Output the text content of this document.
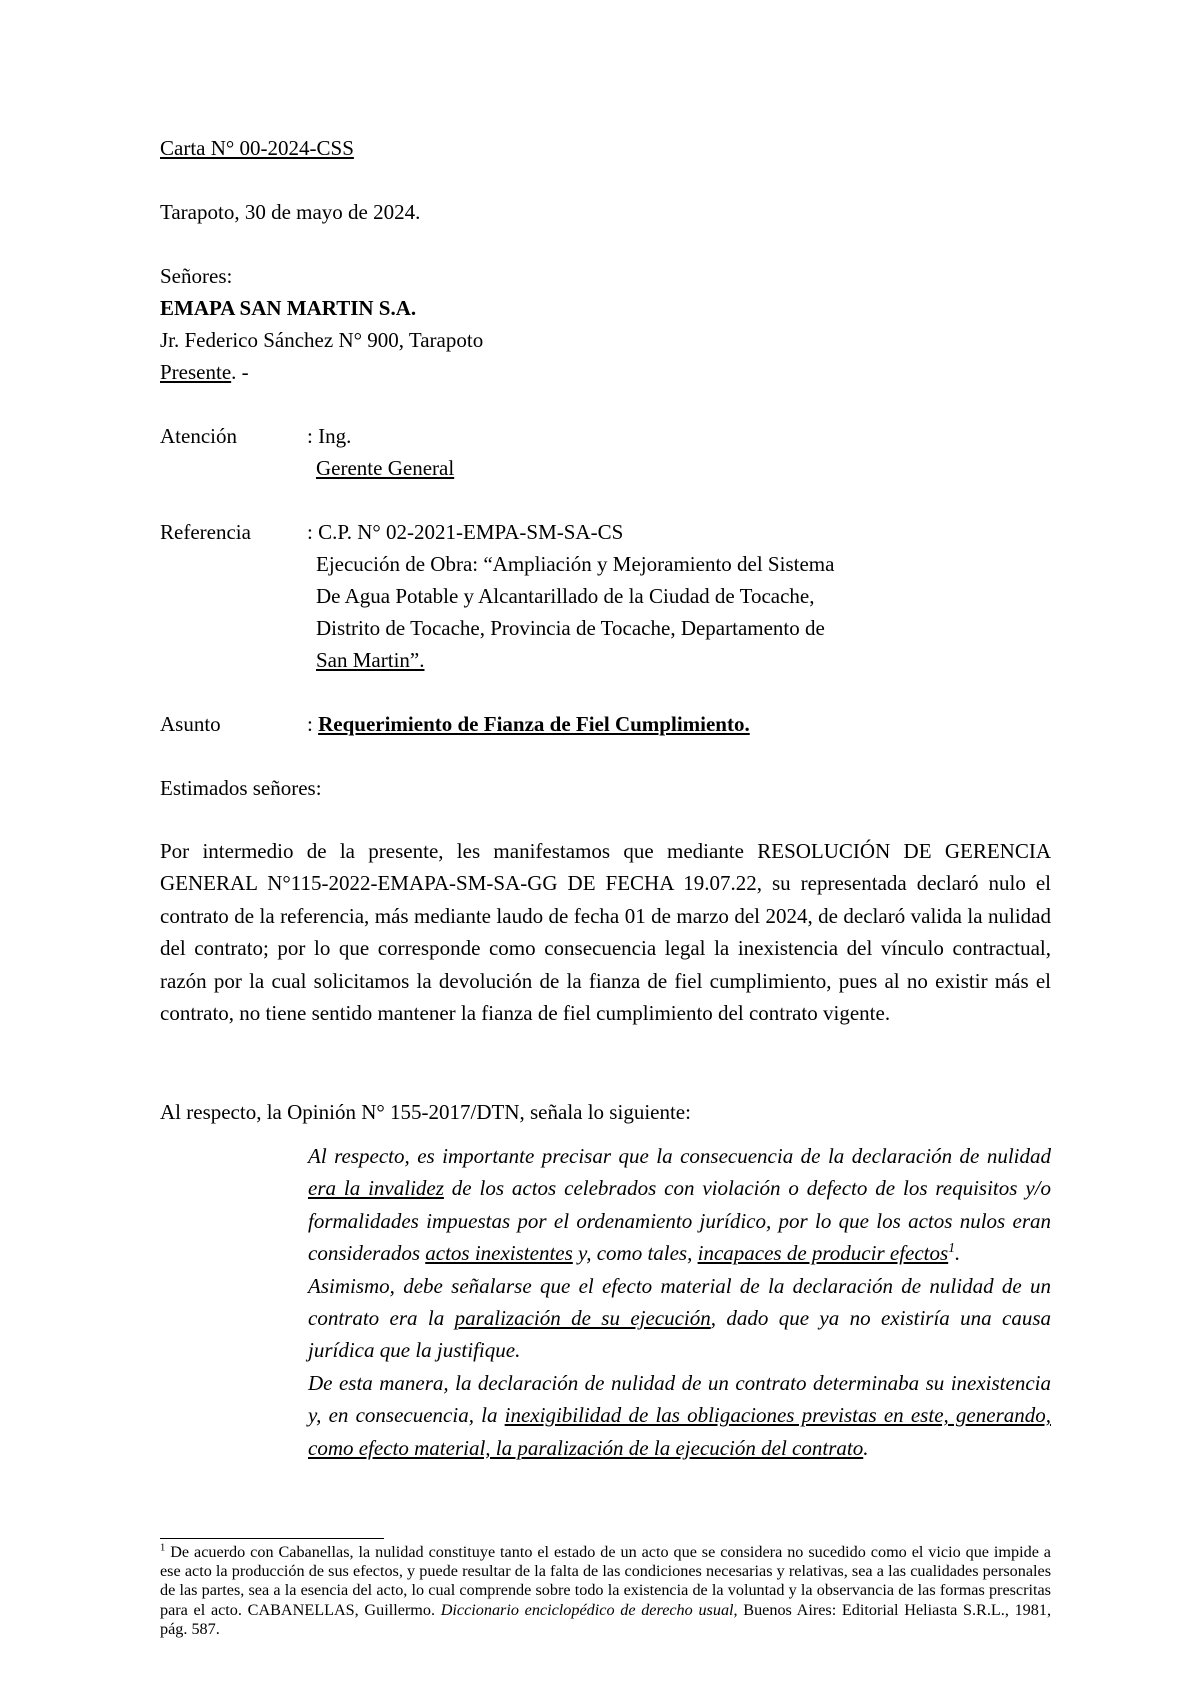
Carta N° 00-2024-CSS
Tarapoto, 30 de mayo de 2024.
Señores:
EMAPA SAN MARTIN S.A.
Jr. Federico Sánchez N° 900, Tarapoto
Presente. -
Atención	: Ing.
Gerente General
Referencia	: C.P. N° 02-2021-EMPA-SM-SA-CS
Ejecución de Obra: “Ampliación y Mejoramiento del Sistema
De Agua Potable y Alcantarillado de la Ciudad de Tocache,
Distrito de Tocache, Provincia de Tocache, Departamento de
San Martin”.
Asunto	: Requerimiento de Fianza de Fiel Cumplimiento.
Estimados señores:
Por intermedio de la presente, les manifestamos que mediante RESOLUCIÓN DE GERENCIA GENERAL N°115-2022-EMAPA-SM-SA-GG DE FECHA 19.07.22, su representada declaró nulo el contrato de la referencia, más mediante laudo de fecha 01 de marzo del 2024, de declaró valida la nulidad del contrato; por lo que corresponde como consecuencia legal la inexistencia del vínculo contractual, razón por la cual solicitamos la devolución de la fianza de fiel cumplimiento, pues al no existir más el contrato, no tiene sentido mantener la fianza de fiel cumplimiento del contrato vigente.
Al respecto, la Opinión N° 155-2017/DTN, señala lo siguiente:

Al respecto, es importante precisar que la consecuencia de la declaración de nulidad era la invalidez de los actos celebrados con violación o defecto de los requisitos y/o formalidades impuestas por el ordenamiento jurídico, por lo que los actos nulos eran considerados actos inexistentes y, como tales, incapaces de producir efectos$^1$.

Asimismo, debe señalarse que el efecto material de la declaración de nulidad de un contrato era la paralización de su ejecución, dado que ya no existiría una causa jurídica que la justifique.

De esta manera, la declaración de nulidad de un contrato determinaba su inexistencia y, en consecuencia, la inexigibilidad de las obligaciones previstas en este, generando, como efecto material, la paralización de la ejecución del contrato.

$^1$ De acuerdo con Cabanellas, la nulidad constituye tanto el estado de un acto que se considera no sucedido como el vicio que impide a ese acto la producción de sus efectos, y puede resultar de la falta de las condiciones necesarias y relativas, sea a las cualidades personales de las partes, sea a la esencia del acto, lo cual comprende sobre todo la existencia de la voluntad y la observancia de las formas prescritas para el acto. CABANELLAS, Guillermo. Diccionario enciclopédico de derecho usual, Buenos Aires: Editorial Heliasta S.R.L., 1981, pág. 587.
